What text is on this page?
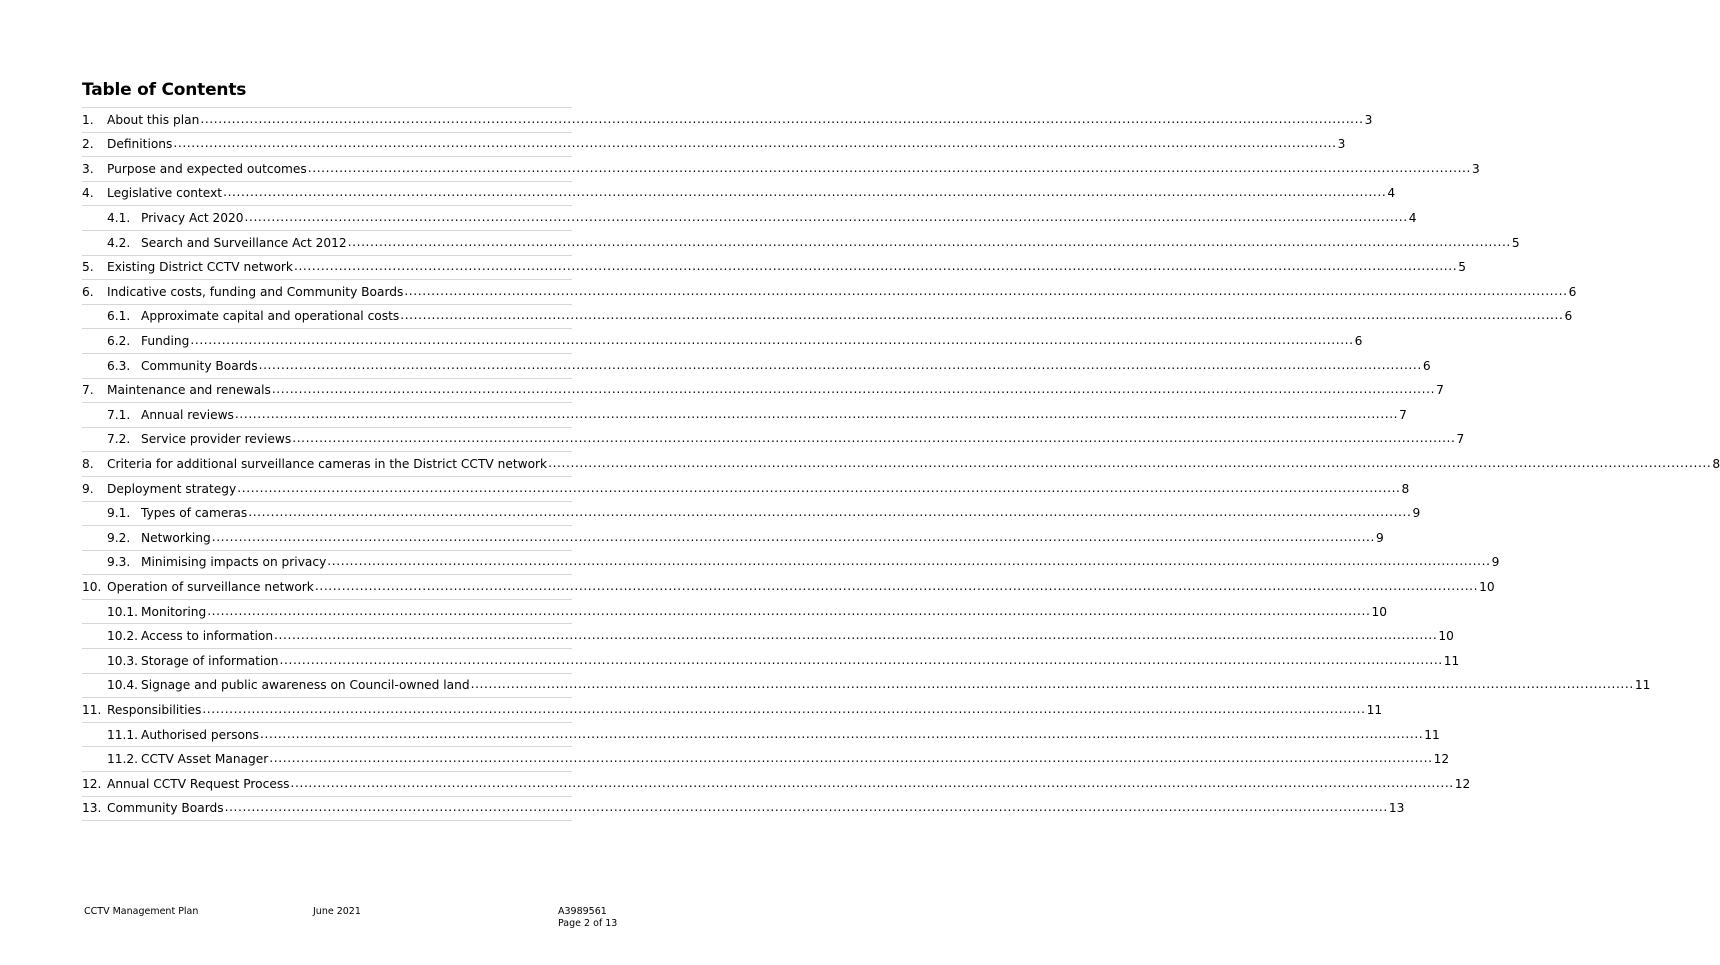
Table of Contents
1.	About this plan .................................................................................................................................................................................................................................................................... 3
2.	Definitions .................................................................................................................................................................................................................................................................... 3
3.	Purpose and expected outcomes .................................................................................................................................................................................................................................................................... 3
4.	Legislative context .................................................................................................................................................................................................................................................................... 4
4.1. Privacy Act 2020 .................................................................................................................................................................................................................................................................... 4
4.2. Search and Surveillance Act 2012 .................................................................................................................................................................................................................................................................... 5
5.	Existing District CCTV network .................................................................................................................................................................................................................................................................... 5
6.	Indicative costs, funding and Community Boards .................................................................................................................................................................................................................................................................... 6
6.1. Approximate capital and operational costs .................................................................................................................................................................................................................................................................... 6
6.2. Funding .................................................................................................................................................................................................................................................................... 6
6.3. Community Boards .................................................................................................................................................................................................................................................................... 6
7.	Maintenance and renewals .................................................................................................................................................................................................................................................................... 7
7.1. Annual reviews .................................................................................................................................................................................................................................................................... 7
7.2. Service provider reviews .................................................................................................................................................................................................................................................................... 7
8.	Criteria for additional surveillance cameras in the District CCTV network .................................................................................................................................................................................................................................................................... 8
9.	Deployment strategy .................................................................................................................................................................................................................................................................... 8
9.1. Types of cameras .................................................................................................................................................................................................................................................................... 9
9.2. Networking .................................................................................................................................................................................................................................................................... 9
9.3. Minimising impacts on privacy .................................................................................................................................................................................................................................................................... 9
10. Operation of surveillance network .................................................................................................................................................................................................................................................................... 10
10.1. Monitoring .................................................................................................................................................................................................................................................................... 10
10.2. Access to information .................................................................................................................................................................................................................................................................... 10
10.3. Storage of information .................................................................................................................................................................................................................................................................... 11
10.4. Signage and public awareness on Council-owned land .................................................................................................................................................................................................................................................................... 11
11. Responsibilities .................................................................................................................................................................................................................................................................... 11
11.1. Authorised persons .................................................................................................................................................................................................................................................................... 11
11.2. CCTV Asset Manager .................................................................................................................................................................................................................................................................... 12
12. Annual CCTV Request Process .................................................................................................................................................................................................................................................................... 12
13. Community Boards .................................................................................................................................................................................................................................................................... 13
CCTV Management Plan	June 2021	A3989561
Page 2 of 13
